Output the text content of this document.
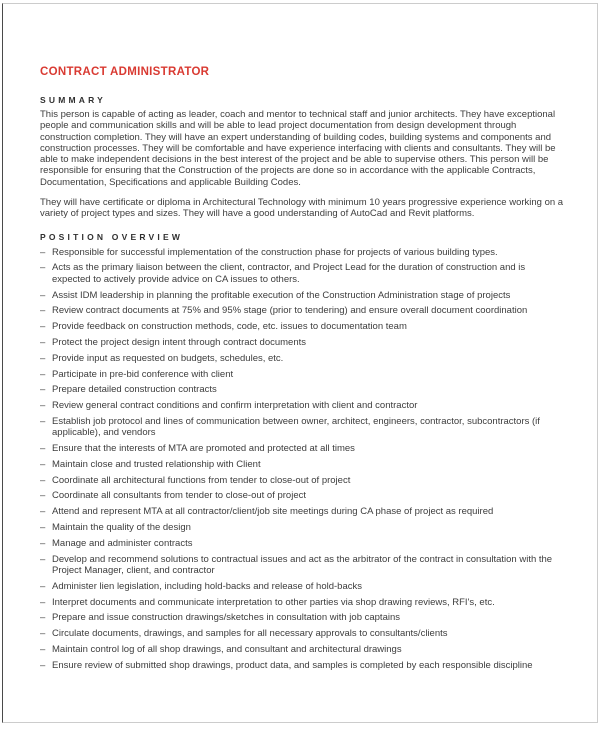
CONTRACT ADMINISTRATOR
SUMMARY

This person is capable of acting as leader, coach and mentor to technical staff and junior architects. They have exceptional people and communication skills and will be able to lead project documentation from design development through construction completion. They will have an expert understanding of building codes, building systems and components and construction processes. They will be comfortable and have experience interfacing with clients and consultants. They will be able to make independent decisions in the best interest of the project and be able to supervise others. This person will be responsible for ensuring that the Construction of the projects are done so in accordance with the applicable Contracts, Documentation, Specifications and applicable Building Codes.

They will have certificate or diploma in Architectural Technology with minimum 10 years progressive experience working on a variety of project types and sizes. They will have a good understanding of AutoCad and Revit platforms.

POSITION OVERVIEW
– Responsible for successful implementation of the construction phase for projects of various building types.
– Acts as the primary liaison between the client, contractor, and Project Lead for the duration of construction and is expected to actively provide advice on CA issues to others.
– Assist IDM leadership in planning the profitable execution of the Construction Administration stage of projects
– Review contract documents at 75% and 95% stage (prior to tendering) and ensure overall document coordination
– Provide feedback on construction methods, code, etc. issues to documentation team
– Protect the project design intent through contract documents
– Provide input as requested on budgets, schedules, etc.
– Participate in pre-bid conference with client
– Prepare detailed construction contracts
– Review general contract conditions and confirm interpretation with client and contractor
– Establish job protocol and lines of communication between owner, architect, engineers, contractor, subcontractors (if applicable), and vendors
– Ensure that the interests of MTA are promoted and protected at all times
– Maintain close and trusted relationship with Client
– Coordinate all architectural functions from tender to close-out of project
– Coordinate all consultants from tender to close-out of project
– Attend and represent MTA at all contractor/client/job site meetings during CA phase of project as required
– Maintain the quality of the design
– Manage and administer contracts
– Develop and recommend solutions to contractual issues and act as the arbitrator of the contract in consultation with the Project Manager, client, and contractor
– Administer lien legislation, including hold-backs and release of hold-backs
– Interpret documents and communicate interpretation to other parties via shop drawing reviews, RFI's, etc.
– Prepare and issue construction drawings/sketches in consultation with job captains
– Circulate documents, drawings, and samples for all necessary approvals to consultants/clients
– Maintain control log of all shop drawings, and consultant and architectural drawings
– Ensure review of submitted shop drawings, product data, and samples is completed by each responsible discipline
